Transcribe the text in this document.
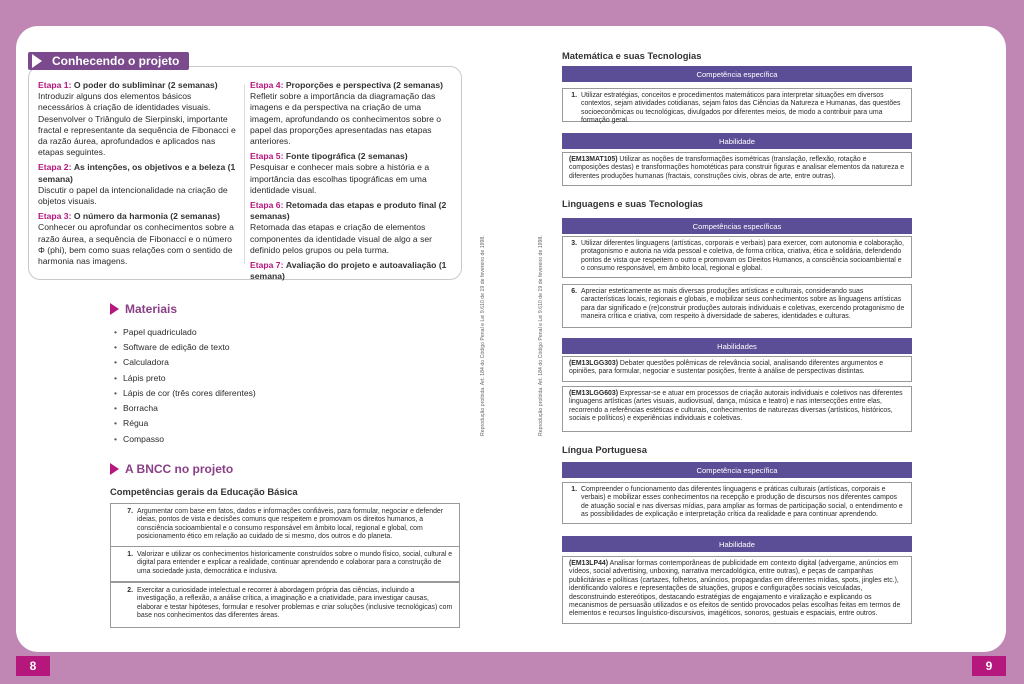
8	9
Conhecendo o projeto
Etapa 1: O poder do subliminar (2 semanas)
Introduzir alguns dos elementos básicos necessários à criação de identidades visuais. Desenvolver o Triângulo de Sierpinski, importante fractal e representante da sequência de Fibonacci e da razão áurea, aprofundados e aplicados nas etapas seguintes.
Etapa 2: As intenções, os objetivos e a beleza (1 semana)
Discutir o papel da intencionalidade na criação de objetos visuais.
Etapa 3: O número da harmonia (2 semanas)
Conhecer ou aprofundar os conhecimentos sobre a razão áurea, a sequência de Fibonacci e o número Φ (phi), bem como suas relações com o sentido de harmonia nas imagens.
Etapa 4: Proporções e perspectiva (2 semanas)
Refletir sobre a importância da diagramação das imagens e da perspectiva na criação de uma imagem, aprofundando os conhecimentos sobre o papel das proporções apresentadas nas etapas anteriores.
Etapa 5: Fonte tipográfica (2 semanas)
Pesquisar e conhecer mais sobre a história e a importância das escolhas tipográficas em uma identidade visual.
Etapa 6: Retomada das etapas e produto final (2 semanas)
Retomada das etapas e criação de elementos componentes da identidade visual de algo a ser definido pelos grupos ou pela turma.
Etapa 7: Avaliação do projeto e autoavaliação (1 semana)	Reprodução proibida. Art. 184 do Código Penal e Lei 9.610 de 19 de fevereiro de 1998.	Reprodução proibida. Art. 184 do Código Penal e Lei 9.610 de 19 de fevereiro de 1998.
Materiais
• Papel quadriculado
• Software de edição de texto
• Calculadora
• Lápis preto
• Lápis de cor (três cores diferentes)
• Borracha
• Régua
• Compasso
A BNCC no projeto
Competências gerais da Educação Básica
7. Argumentar com base em fatos, dados e informações confiáveis, para formular, negociar e defender ideias, pontos de vista e decisões comuns que respeitem e promovam os direitos humanos, a consciência socioambiental e o consumo responsável em âmbito local, regional e global, com posicionamento ético em relação ao cuidado de si mesmo, dos outros e do planeta.
1. Valorizar e utilizar os conhecimentos historicamente construídos sobre o mundo físico, social, cultural e digital para entender e explicar a realidade, continuar aprendendo e colaborar para a construção de uma sociedade justa, democrática e inclusiva.
2. Exercitar a curiosidade intelectual e recorrer à abordagem própria das ciências, incluindo a investigação, a reflexão, a análise crítica, a imaginação e a criatividade, para investigar causas, elaborar e testar hipóteses, formular e resolver problemas e criar soluções (inclusive tecnológicas) com base nos conhecimentos das diferentes áreas.
Matemática e suas Tecnologias
Competência específica
1. Utilizar estratégias, conceitos e procedimentos matemáticos para interpretar situações em diversos contextos, sejam atividades cotidianas, sejam fatos das Ciências da Natureza e Humanas, das questões socioeconômicas ou tecnológicas, divulgados por diferentes meios, de modo a contribuir para uma formação geral.
Habilidade
(EM13MAT105) Utilizar as noções de transformações isométricas (translação, reflexão, rotação e composições destas) e transformações homotéticas para construir figuras e analisar elementos da natureza e diferentes produções humanas (fractais, construções civis, obras de arte, entre outras).
Linguagens e suas Tecnologias
Competências específicas
3. Utilizar diferentes linguagens (artísticas, corporais e verbais) para exercer, com autonomia e colaboração, protagonismo e autoria na vida pessoal e coletiva, de forma crítica, criativa, ética e solidária, defendendo pontos de vista que respeitem o outro e promovam os Direitos Humanos, a consciência socioambiental e o consumo responsável, em âmbito local, regional e global.
6. Apreciar esteticamente as mais diversas produções artísticas e culturais, considerando suas características locais, regionais e globais, e mobilizar seus conhecimentos sobre as linguagens artísticas para dar significado e (re)construir produções autorais individuais e coletivas, exercendo protagonismo de maneira crítica e criativa, com respeito à diversidade de saberes, identidades e culturas.
Habilidades
(EM13LGG303) Debater questões polêmicas de relevância social, analisando diferentes argumentos e opiniões, para formular, negociar e sustentar posições, frente à análise de perspectivas distintas.
(EM13LGG603) Expressar-se e atuar em processos de criação autorais individuais e coletivos nas diferentes linguagens artísticas (artes visuais, audiovisual, dança, música e teatro) e nas intersecções entre elas, recorrendo a referências estéticas e culturais, conhecimentos de naturezas diversas (artísticos, históricos, sociais e políticos) e experiências individuais e coletivas.
Língua Portuguesa
Competência específica
1. Compreender o funcionamento das diferentes linguagens e práticas culturais (artísticas, corporais e verbais) e mobilizar esses conhecimentos na recepção e produção de discursos nos diferentes campos de atuação social e nas diversas mídias, para ampliar as formas de participação social, o entendimento e as possibilidades de explicação e interpretação crítica da realidade e para continuar aprendendo.
Habilidade
(EM13LP44) Analisar formas contemporâneas de publicidade em contexto digital (advergame, anúncios em vídeos, social advertising, unboxing, narrativa mercadológica, entre outras), e peças de campanhas publicitárias e políticas (cartazes, folhetos, anúncios, propagandas em diferentes mídias, spots, jingles etc.), identificando valores e representações de situações, grupos e configurações sociais veiculadas, desconstruindo estereótipos, destacando estratégias de engajamento e viralização e explicando os mecanismos de persuasão utilizados e os efeitos de sentido provocados pelas escolhas feitas em termos de elementos e recursos linguístico-discursivos, imagéticos, sonoros, gestuais e espaciais, entre outros.
